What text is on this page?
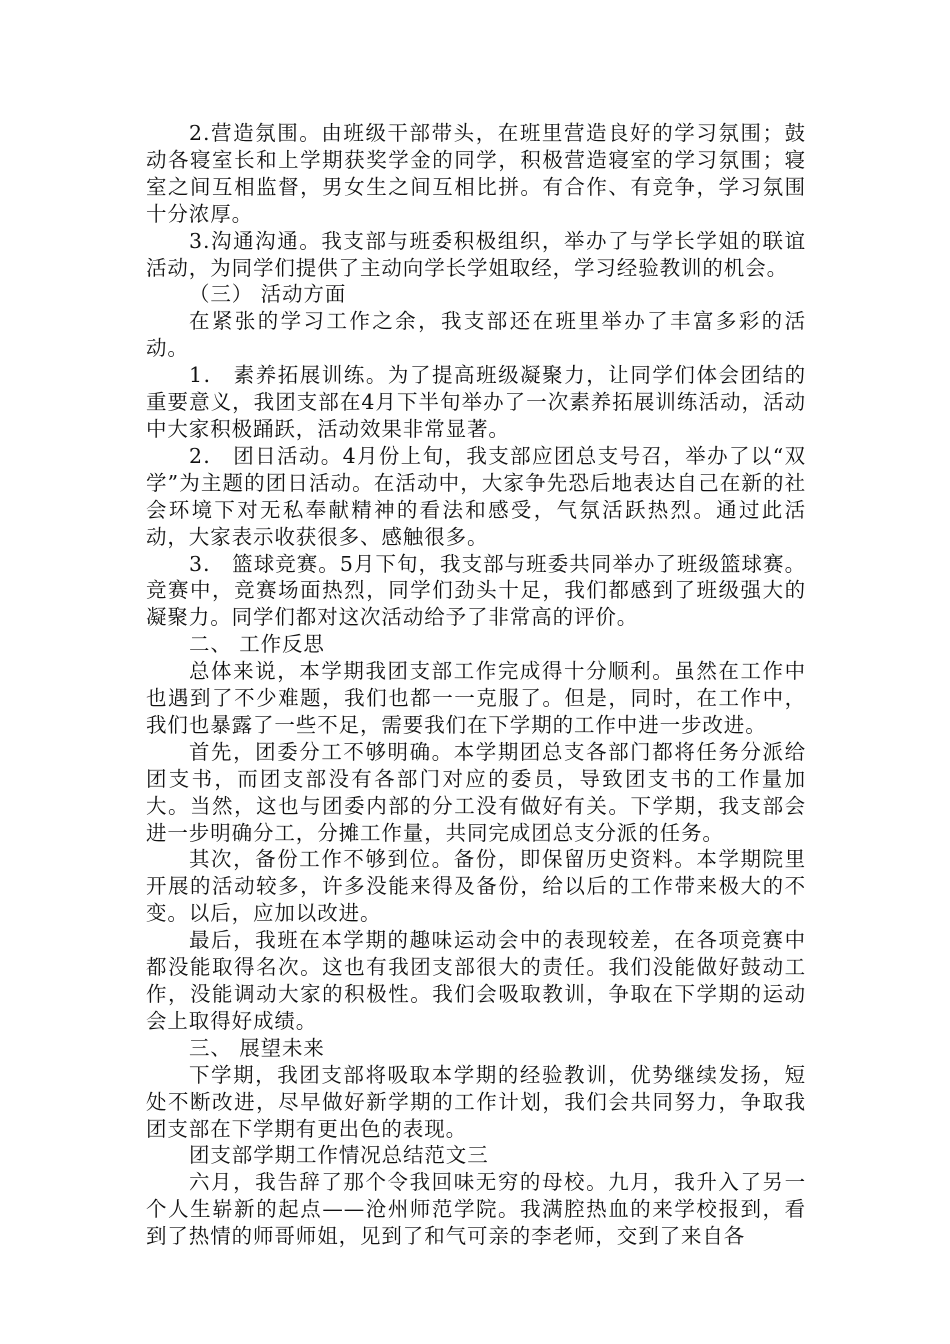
2.营造氛围。由班级干部带头，在班里营造良好的学习氛围；鼓动各寝室长和上学期获奖学金的同学，积极营造寝室的学习氛围；寝室之间互相监督，男女生之间互相比拼。有合作、有竞争，学习氛围十分浓厚。

3.沟通沟通。我支部与班委积极组织，举办了与学长学姐的联谊活动，为同学们提供了主动向学长学姐取经，学习经验教训的机会。

（三） 活动方面

在紧张的学习工作之余，我支部还在班里举办了丰富多彩的活动。

1． 素养拓展训练。为了提高班级凝聚力，让同学们体会团结的重要意义，我团支部在4月下半旬举办了一次素养拓展训练活动，活动中大家积极踊跃，活动效果非常显著。

2． 团日活动。4月份上旬，我支部应团总支号召，举办了以“双学”为主题的团日活动。在活动中，大家争先恐后地表达自己在新的社会环境下对无私奉献精神的看法和感受，气氛活跃热烈。通过此活动，大家表示收获很多、感触很多。

3． 篮球竞赛。5月下旬，我支部与班委共同举办了班级篮球赛。竞赛中，竞赛场面热烈，同学们劲头十足，我们都感到了班级强大的凝聚力。同学们都对这次活动给予了非常高的评价。

二、 工作反思

总体来说，本学期我团支部工作完成得十分顺利。虽然在工作中也遇到了不少难题，我们也都一一克服了。但是，同时，在工作中，我们也暴露了一些不足，需要我们在下学期的工作中进一步改进。

首先，团委分工不够明确。本学期团总支各部门都将任务分派给团支书，而团支部没有各部门对应的委员，导致团支书的工作量加大。当然，这也与团委内部的分工没有做好有关。下学期，我支部会进一步明确分工，分摊工作量，共同完成团总支分派的任务。

其次，备份工作不够到位。备份，即保留历史资料。本学期院里开展的活动较多，许多没能来得及备份，给以后的工作带来极大的不变。以后，应加以改进。

最后，我班在本学期的趣味运动会中的表现较差，在各项竞赛中都没能取得名次。这也有我团支部很大的责任。我们没能做好鼓动工作，没能调动大家的积极性。我们会吸取教训，争取在下学期的运动会上取得好成绩。

三、 展望未来

下学期，我团支部将吸取本学期的经验教训，优势继续发扬，短处不断改进，尽早做好新学期的工作计划，我们会共同努力，争取我团支部在下学期有更出色的表现。

团支部学期工作情况总结范文三

六月，我告辞了那个令我回味无穷的母校。九月，我升入了另一个人生崭新的起点——沧州师范学院。我满腔热血的来学校报到，看到了热情的师哥师姐，见到了和气可亲的李老师，交到了来自各
